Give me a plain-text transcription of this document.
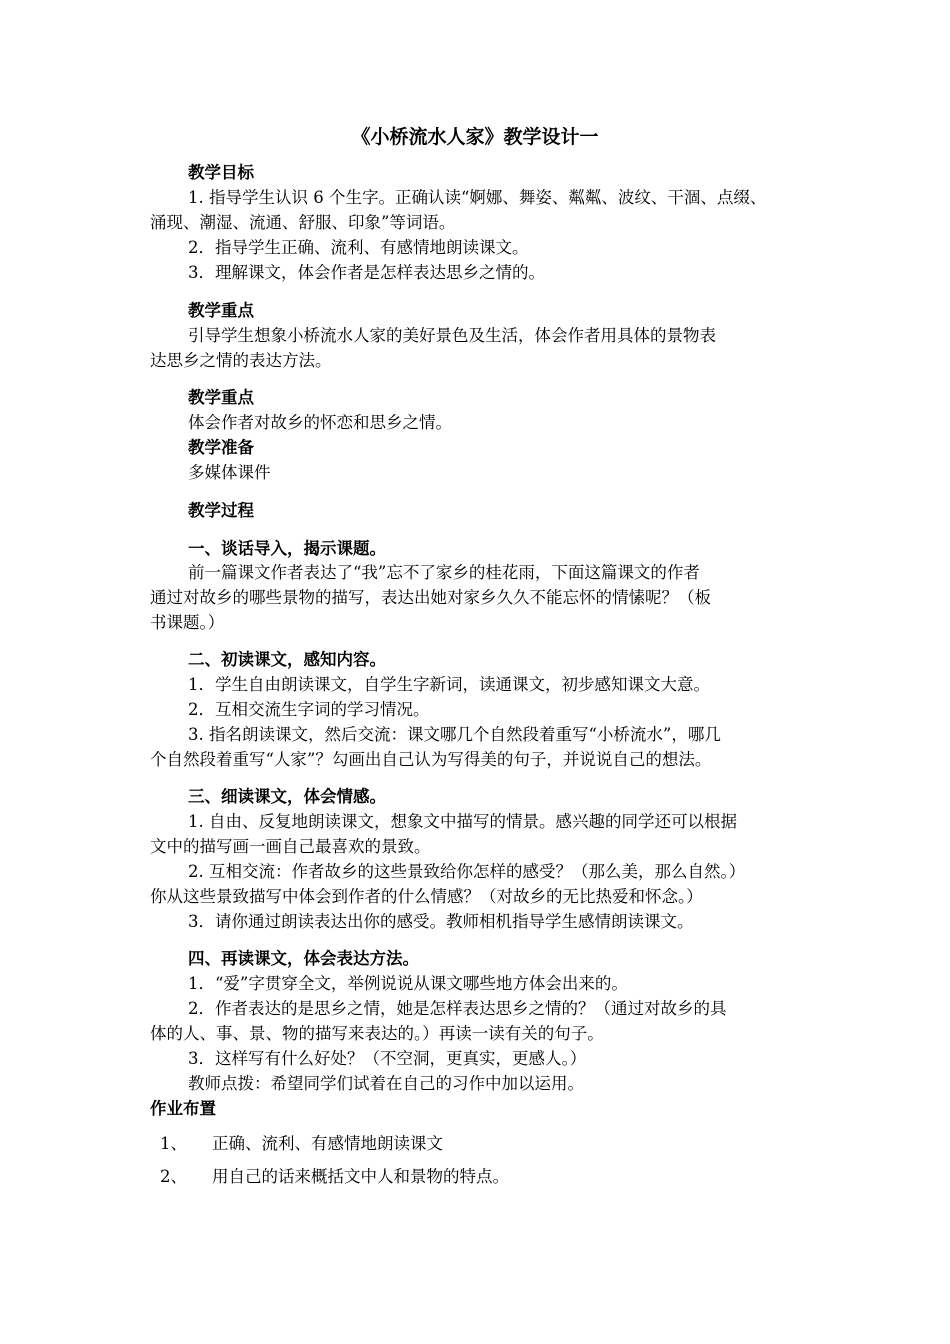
《小桥流水人家》教学设计一
教学目标
1. 指导学生认识 6 个生字。正确认读“婀娜、舞姿、粼粼、波纹、干涸、点缀、
涌现、潮湿、流通、舒服、印象”等词语。
2．指导学生正确、流利、有感情地朗读课文。
3．理解课文，体会作者是怎样表达思乡之情的。
教学重点
引导学生想象小桥流水人家的美好景色及生活，体会作者用具体的景物表
达思乡之情的表达方法。
教学重点
体会作者对故乡的怀恋和思乡之情。
教学准备
多媒体课件
教学过程
一、谈话导入，揭示课题。
前一篇课文作者表达了“我”忘不了家乡的桂花雨，下面这篇课文的作者
通过对故乡的哪些景物的描写，表达出她对家乡久久不能忘怀的情愫呢？（板
书课题。）
二、初读课文，感知内容。
1．学生自由朗读课文，自学生字新词，读通课文，初步感知课文大意。
2．互相交流生字词的学习情况。
3. 指名朗读课文，然后交流：课文哪几个自然段着重写“小桥流水”，哪几
个自然段着重写“人家”？勾画出自己认为写得美的句子，并说说自己的想法。
三、细读课文，体会情感。
1. 自由、反复地朗读课文，想象文中描写的情景。感兴趣的同学还可以根据
文中的描写画一画自己最喜欢的景致。
2. 互相交流：作者故乡的这些景致给你怎样的感受？（那么美，那么自然。）
你从这些景致描写中体会到作者的什么情感？（对故乡的无比热爱和怀念。）
3．请你通过朗读表达出你的感受。教师相机指导学生感情朗读课文。
四、再读课文，体会表达方法。
1．“爱”字贯穿全文，举例说说从课文哪些地方体会出来的。
2．作者表达的是思乡之情，她是怎样表达思乡之情的？（通过对故乡的具
体的人、事、景、物的描写来表达的。）再读一读有关的句子。
3．这样写有什么好处？（不空洞，更真实，更感人。）
教师点拨：希望同学们试着在自己的习作中加以运用。
作业布置
1、 正确、流利、有感情地朗读课文
2、 用自己的话来概括文中人和景物的特点。
